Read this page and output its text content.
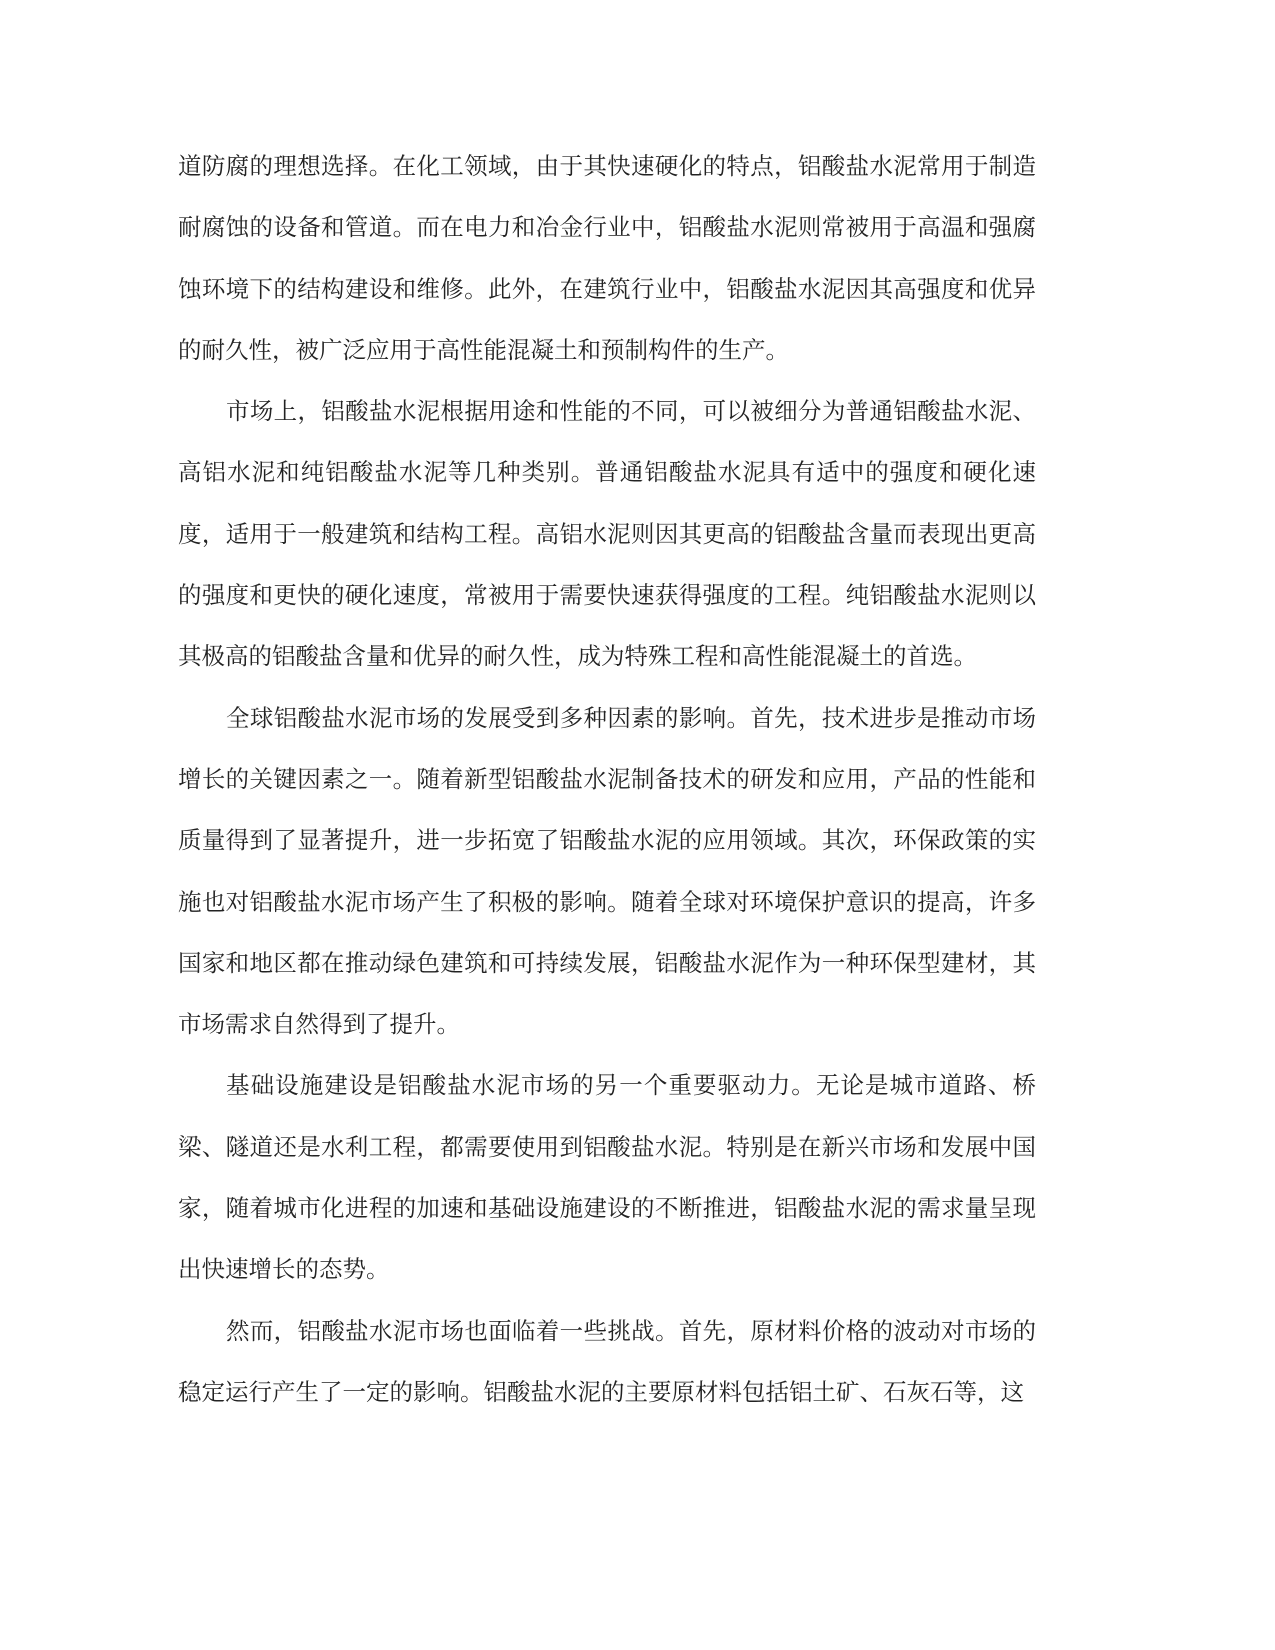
道防腐的理想选择。在化工领域，由于其快速硬化的特点，铝酸盐水泥常用于制造耐腐蚀的设备和管道。而在电力和冶金行业中，铝酸盐水泥则常被用于高温和强腐蚀环境下的结构建设和维修。此外，在建筑行业中，铝酸盐水泥因其高强度和优异的耐久性，被广泛应用于高性能混凝土和预制构件的生产。

市场上，铝酸盐水泥根据用途和性能的不同，可以被细分为普通铝酸盐水泥、高铝水泥和纯铝酸盐水泥等几种类别。普通铝酸盐水泥具有适中的强度和硬化速度，适用于一般建筑和结构工程。高铝水泥则因其更高的铝酸盐含量而表现出更高的强度和更快的硬化速度，常被用于需要快速获得强度的工程。纯铝酸盐水泥则以其极高的铝酸盐含量和优异的耐久性，成为特殊工程和高性能混凝土的首选。

全球铝酸盐水泥市场的发展受到多种因素的影响。首先，技术进步是推动市场增长的关键因素之一。随着新型铝酸盐水泥制备技术的研发和应用，产品的性能和质量得到了显著提升，进一步拓宽了铝酸盐水泥的应用领域。其次，环保政策的实施也对铝酸盐水泥市场产生了积极的影响。随着全球对环境保护意识的提高，许多国家和地区都在推动绿色建筑和可持续发展，铝酸盐水泥作为一种环保型建材，其市场需求自然得到了提升。

基础设施建设是铝酸盐水泥市场的另一个重要驱动力。无论是城市道路、桥梁、隧道还是水利工程，都需要使用到铝酸盐水泥。特别是在新兴市场和发展中国家，随着城市化进程的加速和基础设施建设的不断推进，铝酸盐水泥的需求量呈现出快速增长的态势。

然而，铝酸盐水泥市场也面临着一些挑战。首先，原材料价格的波动对市场的稳定运行产生了一定的影响。铝酸盐水泥的主要原材料包括铝土矿、石灰石等，这
